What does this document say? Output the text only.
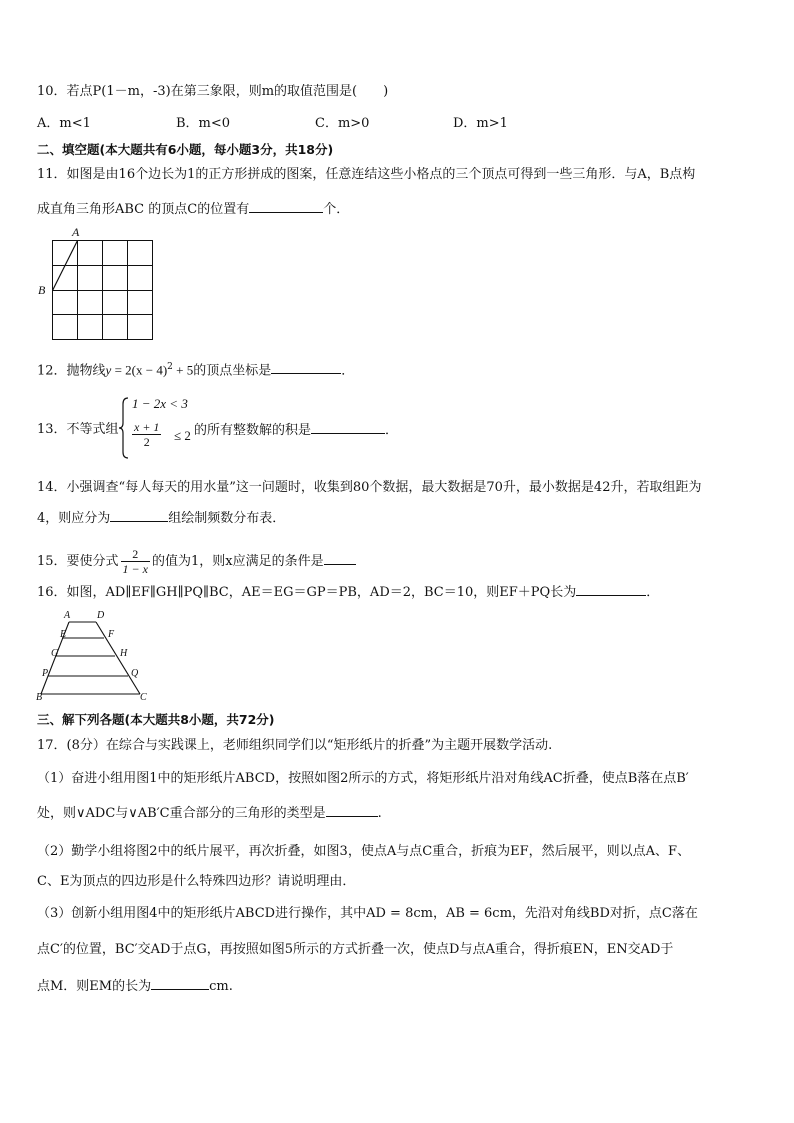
10．若点P(1－m，-3)在第三象限，则m的取值范围是(　　)
A．m<1	B．m<0	C．m>0	D．m>1
二、填空题(本大题共有6小题，每小题3分，共18分)
11．如图是由16个边长为1的正方形拼成的图案，任意连结这些小格点的三个顶点可得到一些三角形．与A，B点构
成直角三角形ABC 的顶点C的位置有	个．
A
B
12．抛物线$y = 2(x - 4)^2 + 5$的顶点坐标是	．
13．不等式组
1 − 2x < 3
$\frac{x + 1}{2} \le 2$ 的所有整数解的积是	．
14．小强调查“每人每天的用水量”这一问题时，收集到80个数据，最大数据是70升，最小数据是42升，若取组距为
4，则应分为	组绘制频数分布表．
15．要使分式 $\frac{2}{1 - x}$ 的值为1，则x应满足的条件是
16．如图，AD∥EF∥GH∥PQ∥BC，AE＝EG＝GP＝PB，AD＝2，BC＝10，则EF＋PQ长为	．
A	D
E	F
G	H
P	Q
B	C
三、解下列各题(本大题共8小题，共72分)
17．(8分）在综合与实践课上，老师组织同学们以“矩形纸片的折叠”为主题开展数学活动.
（1）奋进小组用图1中的矩形纸片ABCD，按照如图2所示的方式，将矩形纸片沿对角线AC折叠，使点B落在点B′
处，则∨ADC与∨AB′C重合部分的三角形的类型是	.
（2）勤学小组将图2中的纸片展平，再次折叠，如图3，使点A与点C重合，折痕为EF，然后展平，则以点A、F、
C、E为顶点的四边形是什么特殊四边形？请说明理由．
（3）创新小组用图4中的矩形纸片ABCD进行操作，其中AD = 8cm，AB = 6cm，先沿对角线BD对折，点C落在
点C′的位置，BC′交AD于点G，再按照如图5所示的方式折叠一次，使点D与点A重合，得折痕EN，EN交AD于
点M．则EM的长为	cm.
